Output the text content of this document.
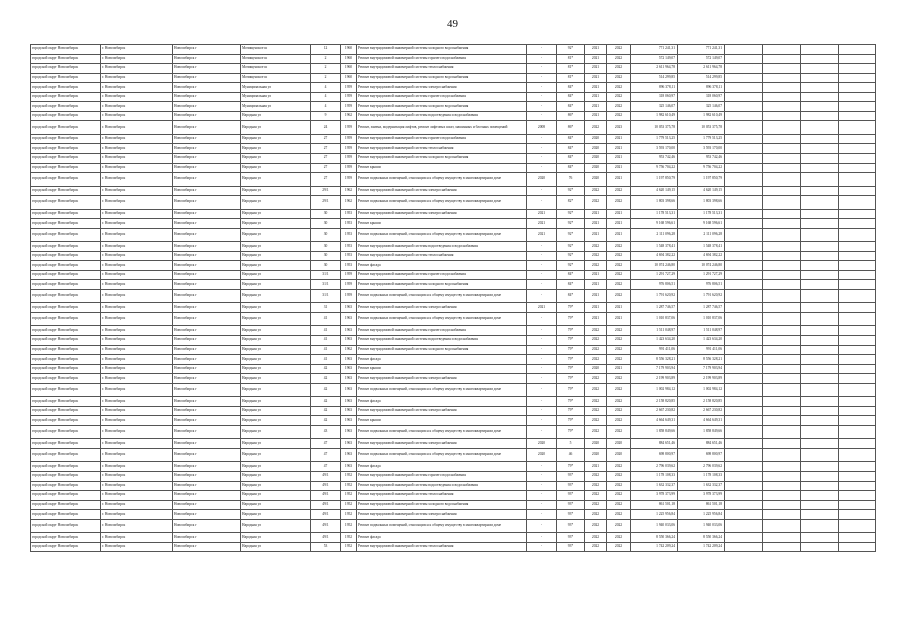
49
городской округ Новосибирск	г. Новосибирск	Новосибирск г	Мочищенское ш	12	1960	Ремонт внутридомовой инженерной системы холодного водоснабжения	-	92*	2021	2022	771 241,31	771 241,31				
городской округ Новосибирск	г. Новосибирск	Новосибирск г	Мочищенское ш	2	1960	Ремонт внутридомовой инженерной системы горячего водоснабжения	-	81*	2021	2022	572 149,07	572 149,07				
городской округ Новосибирск	г. Новосибирск	Новосибирск г	Мочищенское ш	2	1960	Ремонт внутридомовой инженерной системы теплоснабжения	-	81*	2021	2022	2 611 964,78	2 611 964,78				
городской округ Новосибирск	г. Новосибирск	Новосибирск г	Мочищенское ш	2	1960	Ремонт внутридомовой инженерной системы холодного водоснабжения	-	81*	2021	2022	514 299,85	514 299,85				
городской округ Новосибирск	г. Новосибирск	Новосибирск г	Муниципальная ул	4	1959	Ремонт внутридомовой инженерной системы электроснабжения	-	84*	2021	2022	896 378,11	896 378,11				
городской округ Новосибирск	г. Новосибирск	Новосибирск г	Муниципальная ул	4	1959	Ремонт внутридомовой инженерной системы горячего водоснабжения	-	84*	2021	2022	318 060,97	318 060,97				
городской округ Новосибирск	г. Новосибирск	Новосибирск г	Муниципальная ул	4	1959	Ремонт внутридомовой инженерной системы холодного водоснабжения	-	84*	2021	2022	325 146,07	325 146,07				
городской округ Новосибирск	г. Новосибирск	Новосибирск г	Народная ул	9	1962	Ремонт внутридомовой инженерной системы водоотведения и водоснабжения	-	86*	2021	2022	1 982 610,49	1 982 610,49				
городской округ Новосибирск	г. Новосибирск	Новосибирск г	Народная ул	24	1959	Ремонт, замена, модернизация лифтов, ремонт лифтовых шахт, машинных и блочных помещений	2008	86*	2022	2023	10 053 375,78	10 053 375,78				
городской округ Новосибирск	г. Новосибирск	Новосибирск г	Народная ул	27	1959	Ремонт внутридомовой инженерной системы горячего водоснабжения	-	84*	2020	2021	1 779 513,25	1 779 513,25				
городской округ Новосибирск	г. Новосибирск	Новосибирск г	Народная ул	27	1959	Ремонт внутридомовой инженерной системы теплоснабжения	-	84*	2020	2021	3 593 170,00	3 593 170,00				
городской округ Новосибирск	г. Новосибирск	Новосибирск г	Народная ул	27	1959	Ремонт внутридомовой инженерной системы холодного водоснабжения	-	84*	2020	2021	953 742,46	953 742,46				
городской округ Новосибирск	г. Новосибирск	Новосибирск г	Народная ул	27	1959	Ремонт крыши	-	84*	2020	2021	9 756 704,22	9 756 704,22				
городской округ Новосибирск	г. Новосибирск	Новосибирск г	Народная ул	27	1959	Ремонт подвальных помещений, относящихся к общему имуществу в многоквартирном доме	2020	76	2020	2021	1 197 850,79	1 197 850,79				
городской округ Новосибирск	г. Новосибирск	Новосибирск г	Народная ул	29/1	1962	Ремонт внутридомовой инженерной системы электроснабжения	-	92*	2022	2022	4 620 149,15	4 620 149,15				
городской округ Новосибирск	г. Новосибирск	Новосибирск г	Народная ул	29/1	1962	Ремонт подвальных помещений, относящихся к общему имуществу в многоквартирном доме	-	82*	2022	2022	1 803 398,66	1 803 398,66				
городской округ Новосибирск	г. Новосибирск	Новосибирск г	Народная ул	30	1953	Ремонт внутридомовой инженерной системы электроснабжения	2021	92*	2021	2021	1 178 513,31	1 178 513,31				
городской округ Новосибирск	г. Новосибирск	Новосибирск г	Народная ул	30	1953	Ремонт крыши	2021	92*	2021	2021	9 168 596,61	9 168 596,61				
городской округ Новосибирск	г. Новосибирск	Новосибирск г	Народная ул	30	1953	Ремонт подвальных помещений, относящихся к общему имуществу в многоквартирном доме	2021	92*	2021	2021	2 111 096,28	2 111 096,28				
городской округ Новосибирск	г. Новосибирск	Новосибирск г	Народная ул	30	1953	Ремонт внутридомовой инженерной системы водоотведения и водоснабжения	-	92*	2022	2022	1 548 378,41	1 548 378,41				
городской округ Новосибирск	г. Новосибирск	Новосибирск г	Народная ул	30	1953	Ремонт внутридомовой инженерной системы теплоснабжения	-	92*	2022	2022	4 694 382,22	4 694 382,22				
городской округ Новосибирск	г. Новосибирск	Новосибирск г	Народная ул	30	1953	Ремонт фасада	-	92*	2022	2022	10 074 246,80	10 074 246,80				
городской округ Новосибирск	г. Новосибирск	Новосибирск г	Народная ул	31/1	1959	Ремонт внутридомовой инженерной системы горячего водоснабжения	-	84*	2021	2022	1 291 727,29	1 291 727,29				
городской округ Новосибирск	г. Новосибирск	Новосибирск г	Народная ул	31/1	1959	Ремонт внутридомовой инженерной системы холодного водоснабжения	-	84*	2021	2022	976 806,51	976 806,51				
городской округ Новосибирск	г. Новосибирск	Новосибирск г	Народная ул	31/1	1959	Ремонт подвальных помещений, относящихся к общему имуществу в многоквартирном доме	-	84*	2021	2022	1 791 620,92	1 791 620,92				
городской округ Новосибирск	г. Новосибирск	Новосибирск г	Народная ул	31	1963	Ремонт внутридомовой инженерной системы электроснабжения	2021	79*	2021	2021	1 287 746,57	1 287 746,57				
городской округ Новосибирск	г. Новосибирск	Новосибирск г	Народная ул	41	1963	Ремонт подвальных помещений, относящихся к общему имуществу в многоквартирном доме	-	79*	2021	2021	1 010 837,06	1 010 837,06				
городской округ Новосибирск	г. Новосибирск	Новосибирск г	Народная ул	41	1963	Ремонт внутридомовой инженерной системы горячего водоснабжения	-	79*	2022	2022	1 511 048,97	1 511 048,97				
городской округ Новосибирск	г. Новосибирск	Новосибирск г	Народная ул	41	1963	Ремонт внутридомовой инженерной системы водоотведения и водоснабжения	-	79*	2022	2022	1 423 634,20	1 423 634,20				
городской округ Новосибирск	г. Новосибирск	Новосибирск г	Народная ул	41	1962	Ремонт внутридомовой инженерной системы холодного водоснабжения	-	79*	2022	2022	991 411,06	991 411,06				
городской округ Новосибирск	г. Новосибирск	Новосибирск г	Народная ул	41	1963	Ремонт фасада	-	79*	2022	2022	8 556 328,21	8 556 328,21				
городской округ Новосибирск	г. Новосибирск	Новосибирск г	Народная ул	42	1963	Ремонт крыши	-	79*	2020	2021	7 179 903,94	7 179 903,94				
городской округ Новосибирск	г. Новосибирск	Новосибирск г	Народная ул	42	1963	Ремонт внутридомовой инженерной системы электроснабжения	-	79*	2022	2022	2 199 903,89	2 199 903,89				
городской округ Новосибирск	г. Новосибирск	Новосибирск г	Народная ул	42	1963	Ремонт подвальных помещений, относящихся к общему имуществу в многоквартирном доме	-	79*	2022	2022	1 002 984,12	1 002 984,12				
городской округ Новосибирск	г. Новосибирск	Новосибирск г	Народная ул	42	1963	Ремонт фасада	-	79*	2022	2022	2 158 820,85	2 158 820,85				
городской округ Новосибирск	г. Новосибирск	Новосибирск г	Народная ул	42	1963	Ремонт внутридомовой инженерной системы электроснабжения	-	79*	2022	2022	2 667 230,82	2 667 230,82				
городской округ Новосибирск	г. Новосибирск	Новосибирск г	Народная ул	42	1963	Ремонт крыши	-	79*	2022	2022	4 664 649,31	4 664 649,31				
городской округ Новосибирск	г. Новосибирск	Новосибирск г	Народная ул	43	1963	Ремонт подвальных помещений, относящихся к общему имуществу в многоквартирном доме	-	79*	2022	2022	1 858 849,66	1 858 849,66				
городской округ Новосибирск	г. Новосибирск	Новосибирск г	Народная ул	47	1963	Ремонт внутридомовой инженерной системы электроснабжения	2020	5	2020	2020	884 651,46	884 651,46				
городской округ Новосибирск	г. Новосибирск	Новосибирск г	Народная ул	47	1963	Ремонт подвальных помещений, относящихся к общему имуществу в многоквартирном доме	2020	46	2020	2020	698 800,97	698 800,97				
городской округ Новосибирск	г. Новосибирск	Новосибирск г	Народная ул	47	1963	Ремонт фасада	-	79*	2021	2022	2 796 039,62	2 796 039,62				
городской округ Новосибирск	г. Новосибирск	Новосибирск г	Народная ул	49/1	1952	Ремонт внутридомовой инженерной системы горячего водоснабжения	-	93*	2022	2022	1 178 108,33	1 178 108,33				
городской округ Новосибирск	г. Новосибирск	Новосибирск г	Народная ул	49/1	1952	Ремонт внутридомовой инженерной системы водоотведения и водоснабжения	-	93*	2022	2022	1 632 332,37	1 632 332,37				
городской округ Новосибирск	г. Новосибирск	Новосибирск г	Народная ул	49/1	1952	Ремонт внутридомовой инженерной системы теплоснабжения	-	93*	2022	2022	3 978 373,99	3 978 373,99				
городской округ Новосибирск	г. Новосибирск	Новосибирск г	Народная ул	49/1	1952	Ремонт внутридомовой инженерной системы холодного водоснабжения	-	93*	2022	2022	861 501,18	861 501,18				
городской округ Новосибирск	г. Новосибирск	Новосибирск г	Народная ул	49/1	1952	Ремонт внутридомовой инженерной системы электроснабжения	-	93*	2022	2022	1 225 956,84	1 225 956,84				
городской округ Новосибирск	г. Новосибирск	Новосибирск г	Народная ул	49/1	1952	Ремонт подвальных помещений, относящихся к общему имуществу в многоквартирном доме	-	93*	2022	2022	1 940 033,06	1 940 033,06				
городской округ Новосибирск	г. Новосибирск	Новосибирск г	Народная ул	49/1	1952	Ремонт фасада	-	93*	2022	2022	8 550 366,24	8 550 366,24				
городской округ Новосибирск	г. Новосибирск	Новосибирск г	Народная ул	53	1952	Ремонт внутридомовой инженерной системы теплоснабжения	-	93*	2022	2022	1 742 209,24	1 742 209,24				
